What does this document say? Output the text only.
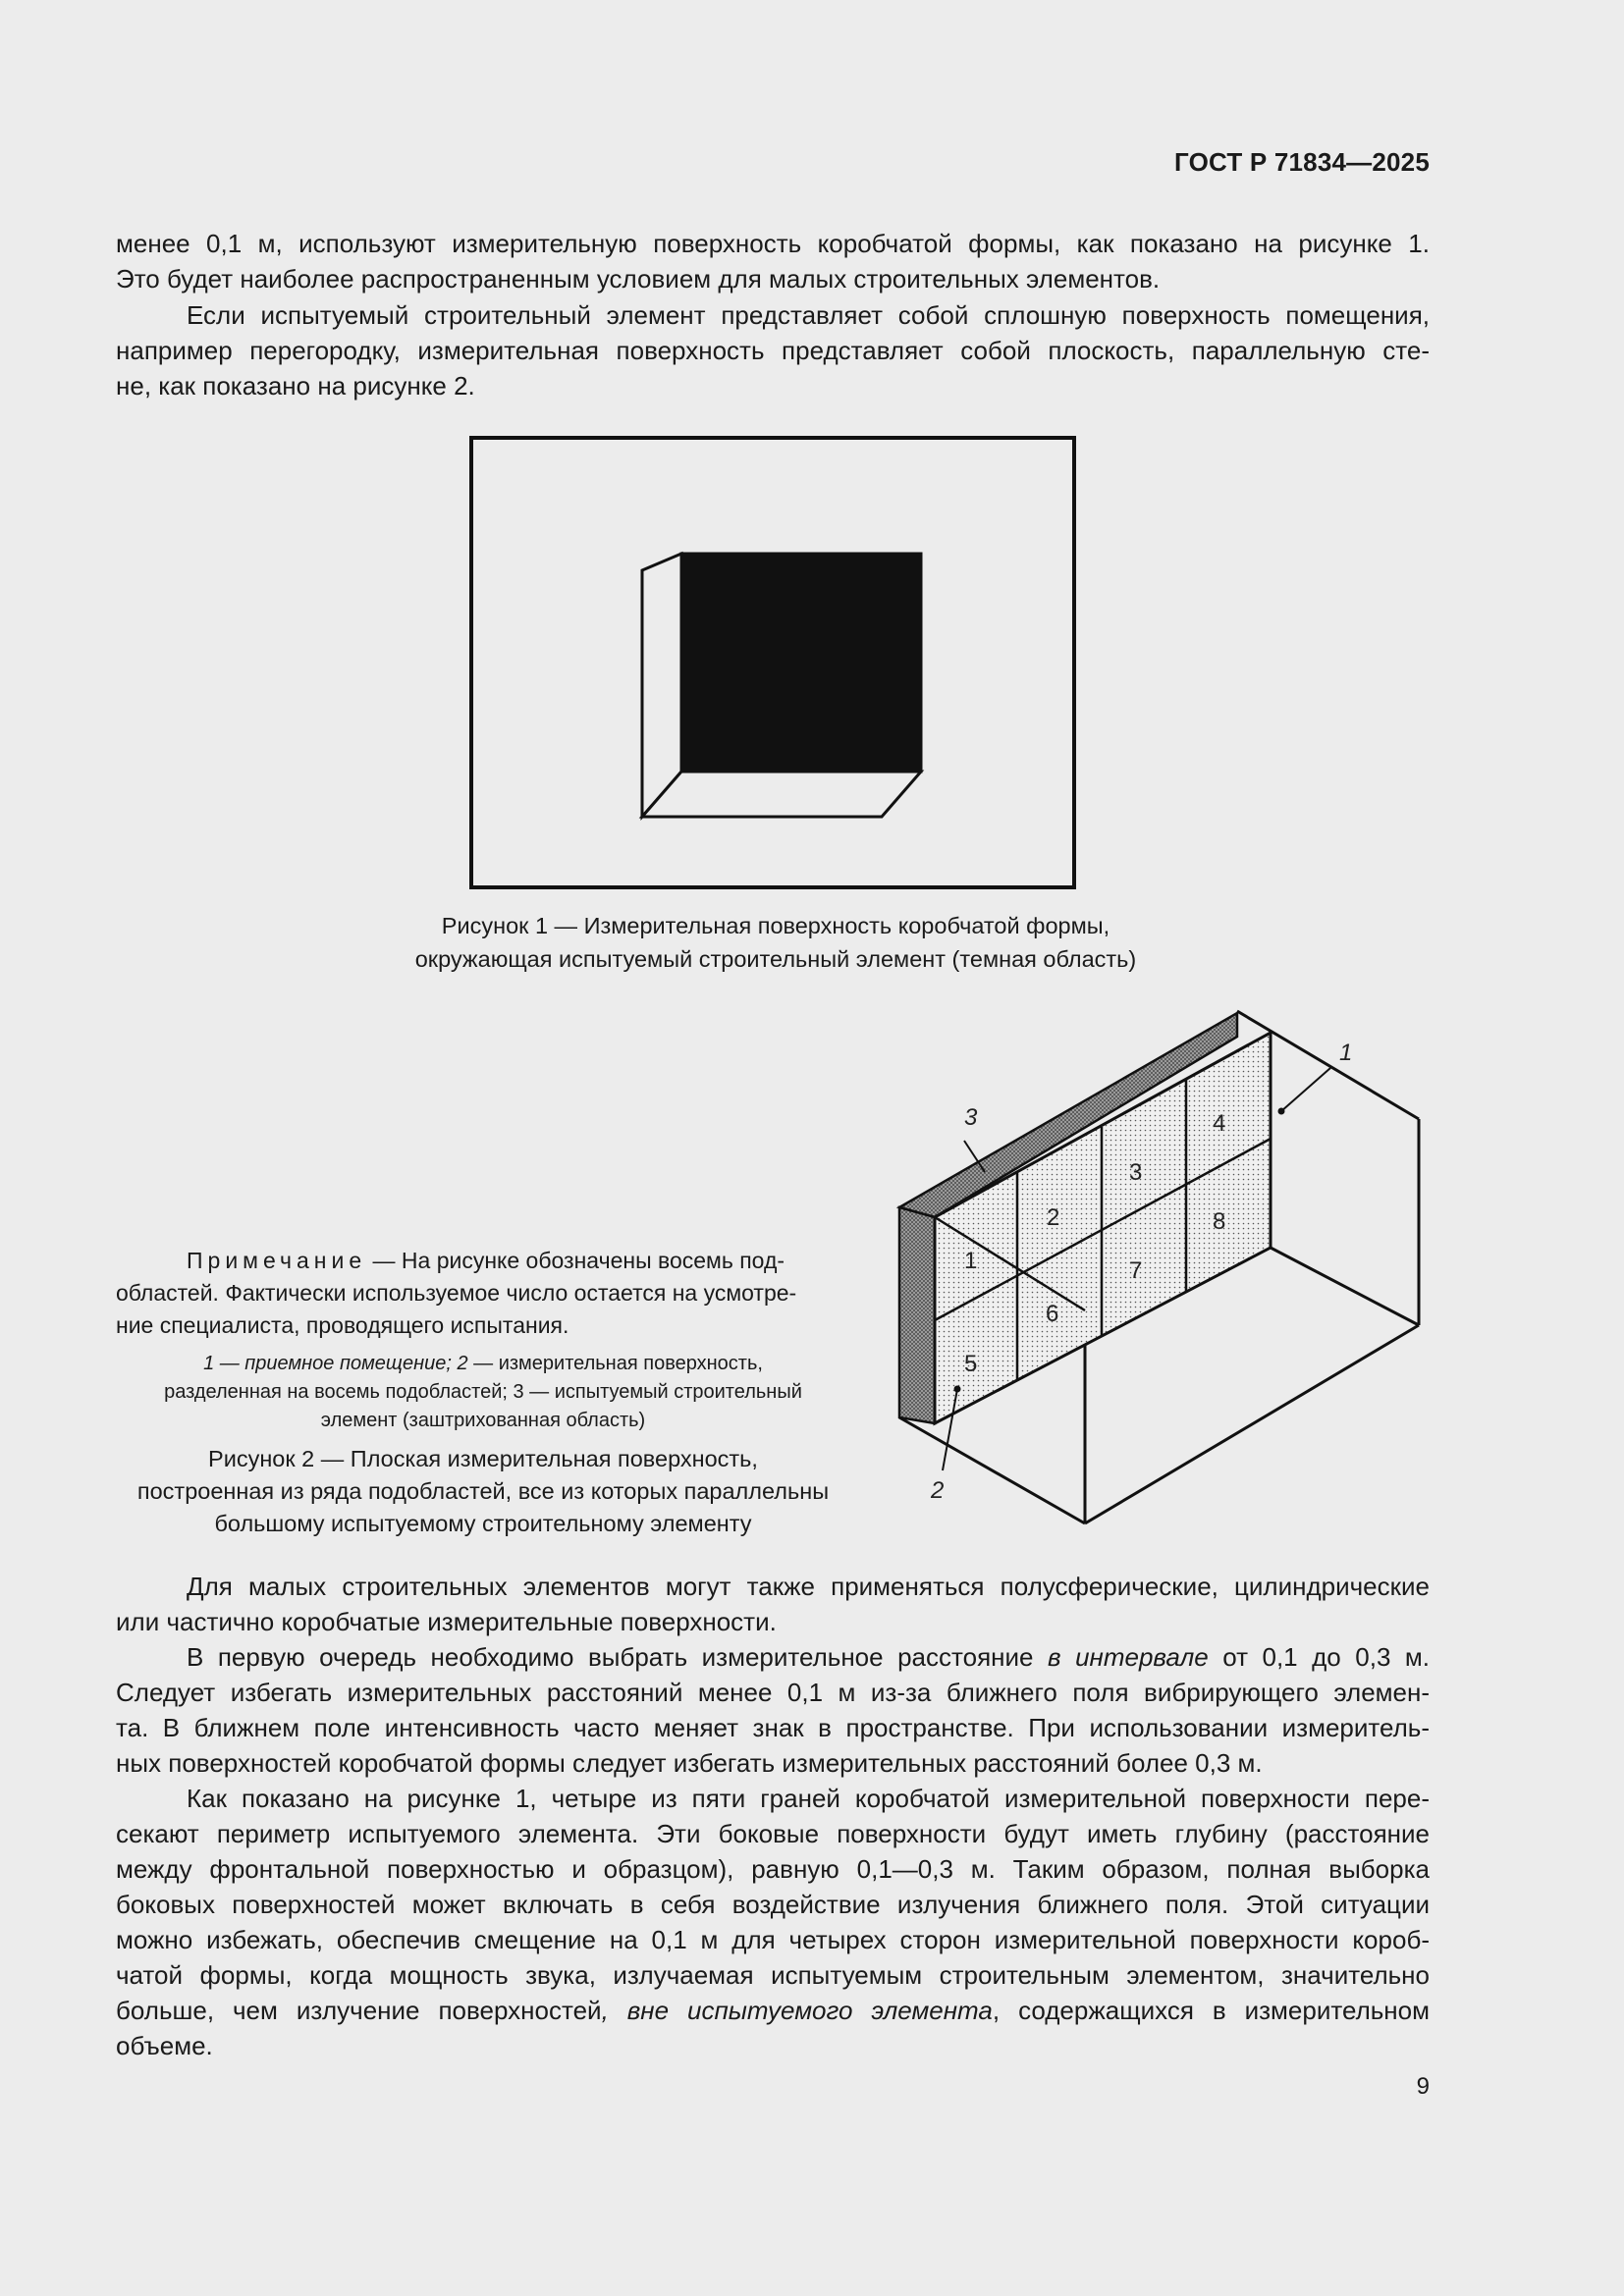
ГОСТ Р 71834—2025
менее 0,1 м, используют измерительную поверхность коробчатой формы, как показано на рисунке 1.
Это будет наиболее распространенным условием для малых строительных элементов.
Если испытуемый строительный элемент представляет собой сплошную поверхность помещения,
например перегородку, измерительная поверхность представляет собой плоскость, параллельную сте-
не, как показано на рисунке 2.
Рисунок 1 — Измерительная поверхность коробчатой формы,
окружающая испытуемый строительный элемент (темная область)
Примечание — На рисунке обозначены восемь под-
областей. Фактически используемое число остается на усмотре-
ние специалиста, проводящего испытания.
1 — приемное помещение; 2 — измерительная поверхность,
разделенная на восемь подобластей; 3 — испытуемый строительный
элемент (заштрихованная область)
Рисунок 2 — Плоская измерительная поверхность,
построенная из ряда подобластей, все из которых параллельны
большому испытуемому строительному элементу
1
2
3
4
5
6
7
8
1
2
3
Для малых строительных элементов могут также применяться полусферические, цилиндрические
или частично коробчатые измерительные поверхности.
В первую очередь необходимо выбрать измерительное расстояние в интервале от 0,1 до 0,3 м.
Следует избегать измерительных расстояний менее 0,1 м из-за ближнего поля вибрирующего элемен-
та. В ближнем поле интенсивность часто меняет знак в пространстве. При использовании измеритель-
ных поверхностей коробчатой формы следует избегать измерительных расстояний более 0,3 м.
Как показано на рисунке 1, четыре из пяти граней коробчатой измерительной поверхности пере-
секают периметр испытуемого элемента. Эти боковые поверхности будут иметь глубину (расстояние
между фронтальной поверхностью и образцом), равную 0,1—0,3 м. Таким образом, полная выборка
боковых поверхностей может включать в себя воздействие излучения ближнего поля. Этой ситуации
можно избежать, обеспечив смещение на 0,1 м для четырех сторон измерительной поверхности короб-
чатой формы, когда мощность звука, излучаемая испытуемым строительным элементом, значительно
больше, чем излучение поверхностей, вне испытуемого элемента, содержащихся в измерительном
объеме.
9
